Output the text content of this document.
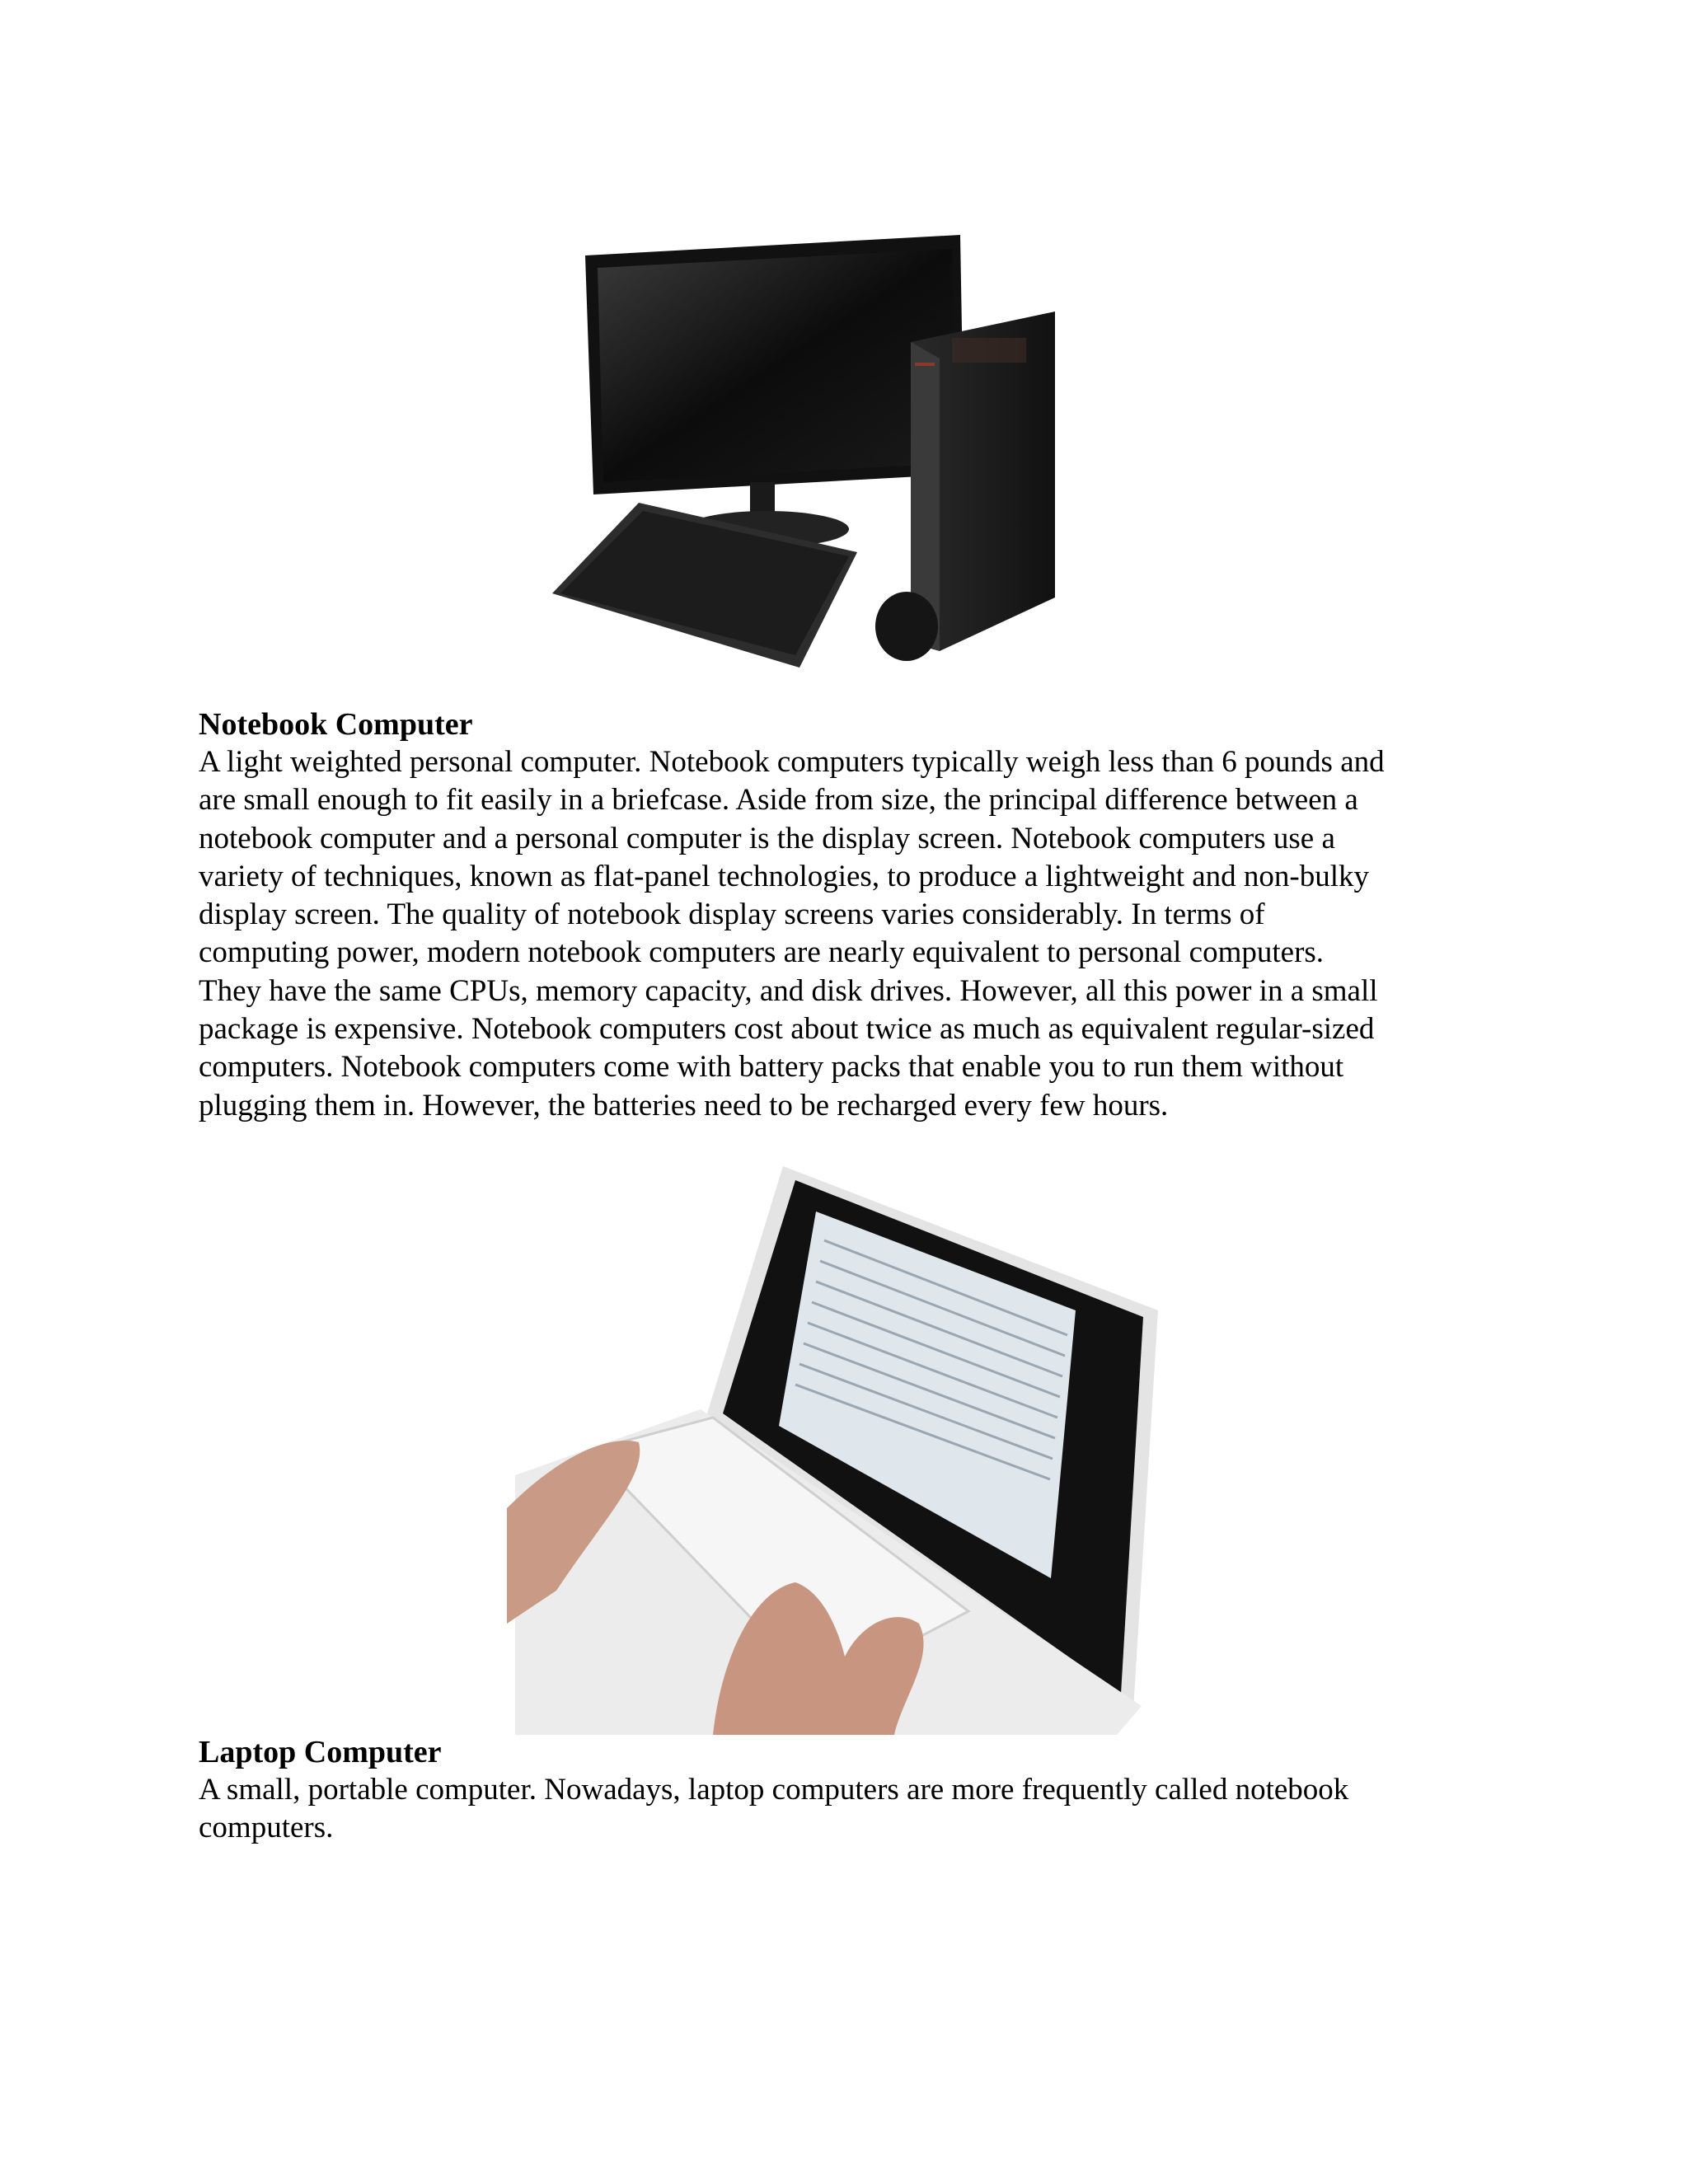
Notebook Computer

A light weighted personal computer. Notebook computers typically weigh less than 6 pounds and
are small enough to fit easily in a briefcase. Aside from size, the principal difference between a
notebook computer and a personal computer is the display screen. Notebook computers use a
variety of techniques, known as flat-panel technologies, to produce a lightweight and non-bulky
display screen. The quality of notebook display screens varies considerably. In terms of
computing power, modern notebook computers are nearly equivalent to personal computers.
They have the same CPUs, memory capacity, and disk drives. However, all this power in a small
package is expensive. Notebook computers cost about twice as much as equivalent regular-sized
computers. Notebook computers come with battery packs that enable you to run them without
plugging them in. However, the batteries need to be recharged every few hours.

Laptop Computer

A small, portable computer. Nowadays, laptop computers are more frequently called notebook
computers.
